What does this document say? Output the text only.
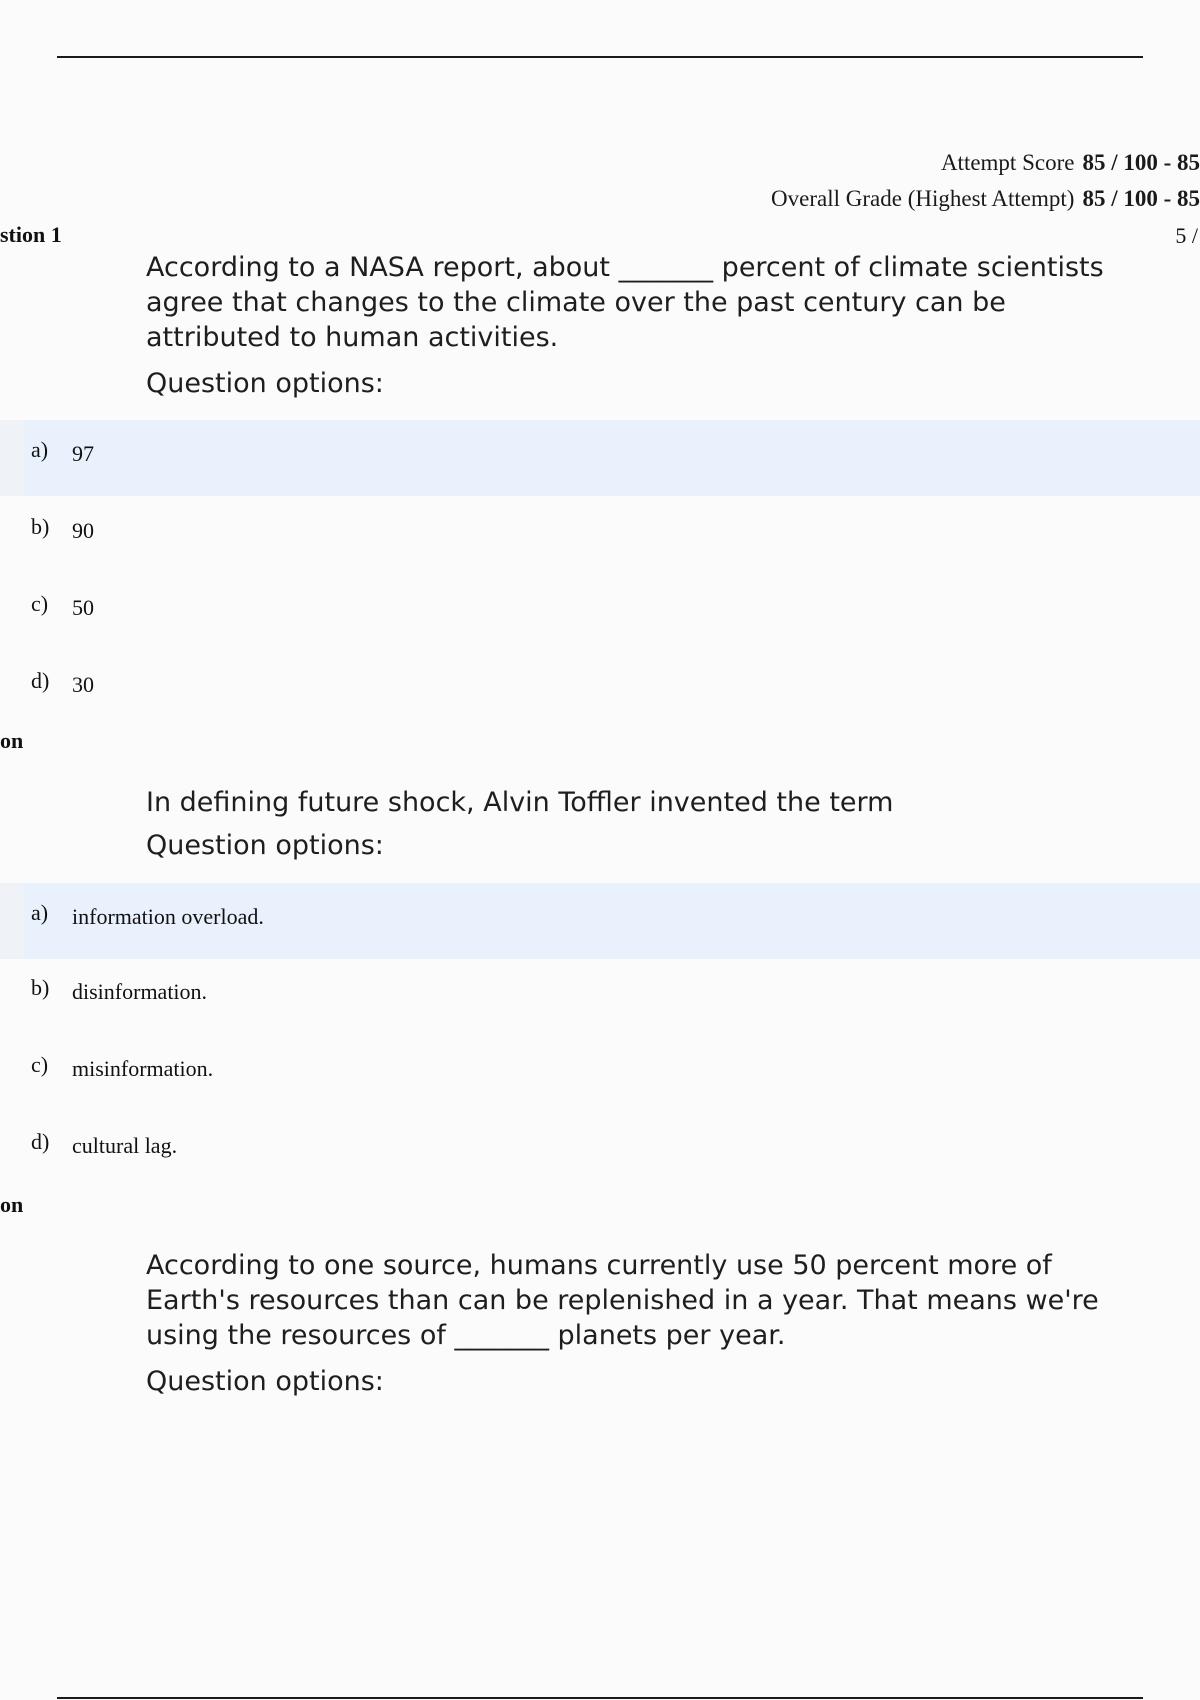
Attempt Score 85 / 100 - 85
Overall Grade (Highest Attempt) 85 / 100 - 85
stion 1	5 /
According to a NASA report, about _______ percent of climate scientists agree that changes to the climate over the past century can be attributed to human activities.
Question options:
a) 97
b) 90
c) 50
d) 30
on
In defining future shock, Alvin Toffler invented the term
Question options:
a) information overload.
b) disinformation.
c) misinformation.
d) cultural lag.
on
According to one source, humans currently use 50 percent more of Earth's resources than can be replenished in a year. That means we're using the resources of _______ planets per year.
Question options:
